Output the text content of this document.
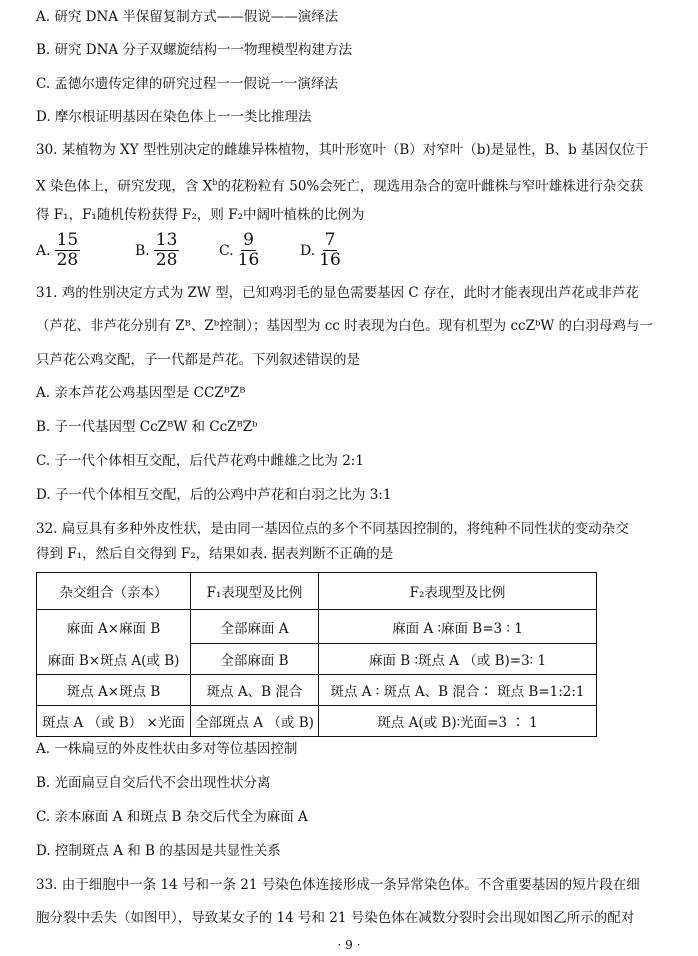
A. 研究 DNA 半保留复制方式——假说——演绎法
B. 研究 DNA 分子双螺旋结构一一物理模型构建方法
C. 孟德尔遗传定律的研究过程一一假说一一演绎法
D. 摩尔根证明基因在染色体上一一类比推理法
30. 某植物为 XY 型性别决定的雌雄异株植物，其叶形宽叶（B）对窄叶（b)是显性，B、b 基因仅位于
X 染色体上，研究发现，含 $X^b$的花粉粒有 50%会死亡，现选用杂合的宽叶雌株与窄叶雄株进行杂交获
得 F₁，F₁随机传粉获得 F₂，则 F₂中阔叶植株的比例为
A. $\frac{15}{28}$	B. $\frac{13}{28}$	C. $\frac{9}{16}$	D. $\frac{7}{16}$
31. 鸡的性别决定方式为 ZW 型，已知鸡羽毛的显色需要基因 C 存在，此时才能表现出芦花或非芦花
（芦花、非芦花分别有 Zᴮ、Zᵇ控制）；基因型为 cc 时表现为白色。现有机型为 ccZᵇW 的白羽母鸡与一
只芦花公鸡交配，子一代都是芦花。下列叙述错误的是
A. 亲本芦花公鸡基因型是 CCZᴮZᴮ
B. 子一代基因型 CcZᴮW 和 CcZᴮZᵇ
C. 子一代个体相互交配，后代芦花鸡中雌雄之比为 2:1
D. 子一代个体相互交配，后的公鸡中芦花和白羽之比为 3:1
32. 扁豆具有多种外皮性状，是由同一基因位点的多个不同基因控制的，将纯种不同性状的变动杂交
得到 F₁，然后自交得到 F₂，结果如表. 据表判断不正确的是
杂交组合（亲本）	F₁表现型及比例	F₂表现型及比例
麻面 A×麻面 B	全部麻面 A	麻面 A ∶麻面 B=3 ∶ 1
麻面 B×斑点 A(或 B)	全部麻面 B	麻面 B ∶斑点 A （或 B)=3∶ 1
斑点 A×斑点 B	斑点 A、B 混合	斑点 A ∶ 斑点 A、B 混合∶ 斑点 B=1:2:1
斑点 A （或 B） ×光面	全部斑点 A （或 B)	斑点 A(或 B)∶光面=3 ∶ 1
A. 一株扁豆的外皮性状由多对等位基因控制
B. 光面扁豆自交后代不会出现性状分离
C. 亲本麻面 A 和斑点 B 杂交后代全为麻面 A
D. 控制斑点 A 和 B 的基因是共显性关系
33. 由于细胞中一条 14 号和一条 21 号染色体连接形成一条异常染色体。不含重要基因的短片段在细
胞分裂中丢失（如图甲），导致某女子的 14 号和 21 号染色体在减数分裂时会出现如图乙所示的配对
· 9 ·
